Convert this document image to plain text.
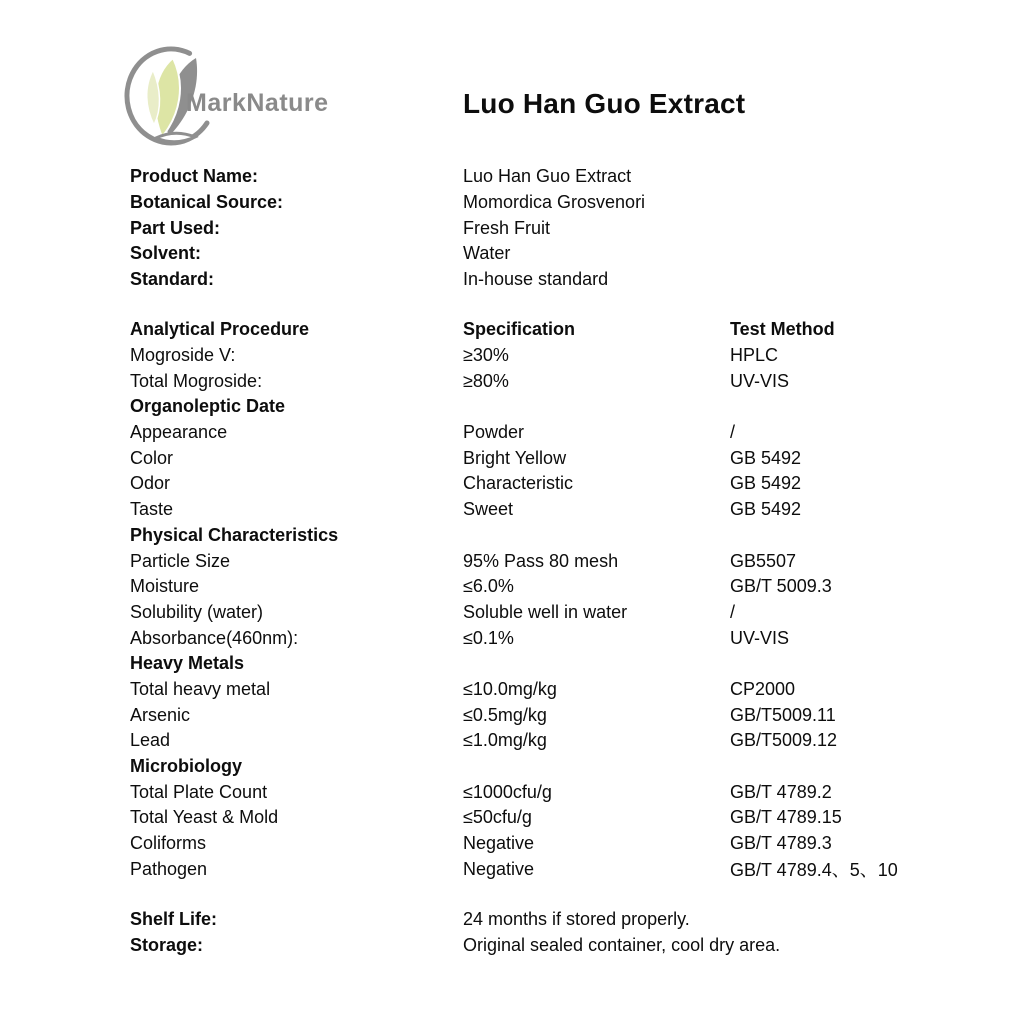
MarkNature	Luo Han Guo Extract
Product Name:	Luo Han Guo Extract
Botanical Source:	Momordica Grosvenori
Part Used:	Fresh Fruit
Solvent:	Water
Standard:	In-house standard
Analytical Procedure	Specification	Test Method
Mogroside V:	≥30%	HPLC
Total Mogroside:	≥80%	UV-VIS
Organoleptic Date
Appearance	Powder	/
Color	Bright Yellow	GB 5492
Odor	Characteristic	GB 5492
Taste	Sweet	GB 5492
Physical Characteristics
Particle Size	95% Pass 80 mesh	GB5507
Moisture	≤6.0%	GB/T 5009.3
Solubility (water)	Soluble well in water	/
Absorbance(460nm):	≤0.1%	UV-VIS
Heavy Metals
Total heavy metal	≤10.0mg/kg	CP2000
Arsenic	≤0.5mg/kg	GB/T5009.11
Lead	≤1.0mg/kg	GB/T5009.12
Microbiology
Total Plate Count	≤1000cfu/g	GB/T 4789.2
Total Yeast & Mold	≤50cfu/g	GB/T 4789.15
Coliforms	Negative	GB/T 4789.3
Pathogen	Negative	GB/T 4789.4、5、10
Shelf Life:	24 months if stored properly.
Storage:	Original sealed container, cool dry area.
